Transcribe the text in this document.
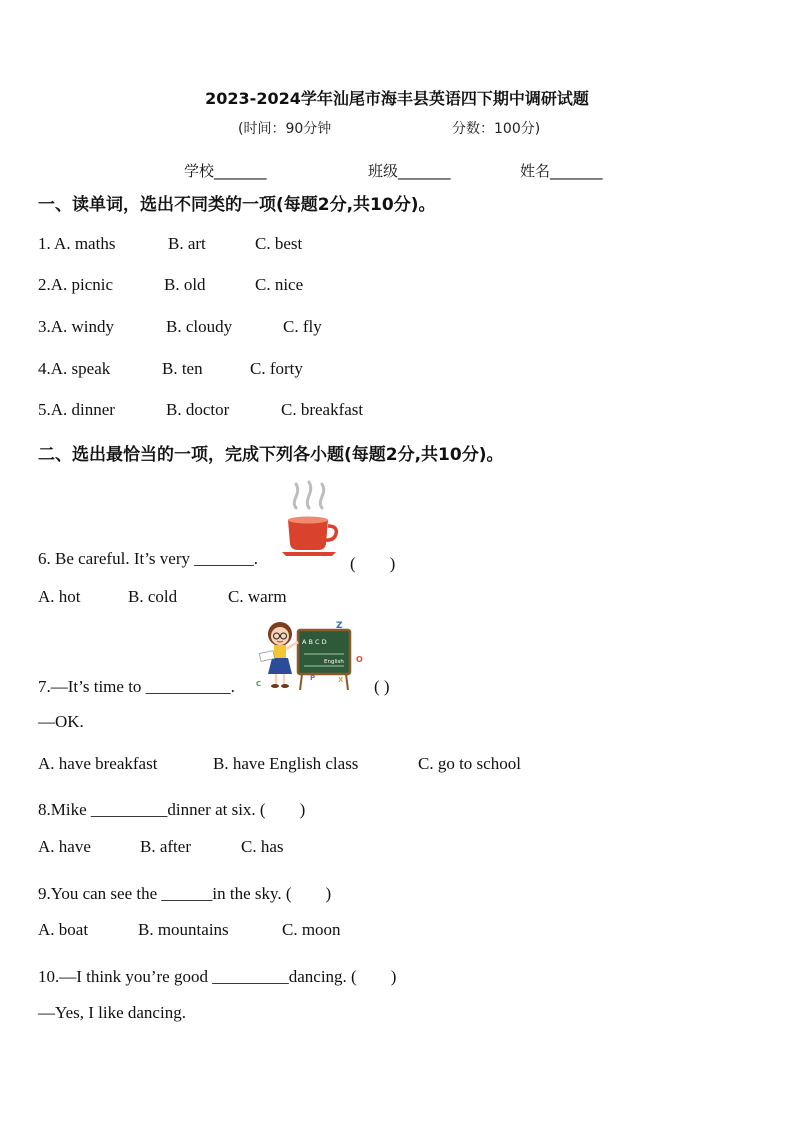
2023-2024学年汕尾市海丰县英语四下期中调研试题
(时间：90分钟	分数：100分)
学校_______	班级_______	姓名_______
一、读单词，选出不同类的一项(每题2分,共10分)。
1. A. maths	B. art	C. best
2.A. picnic	B. old	C. nice
3.A. windy	B. cloudy	C. fly
4.A. speak	B. ten	C. forty
5.A. dinner	B. doctor	C. breakfast
二、选出最恰当的一项，完成下列各小题(每题2分,共10分)。
6. Be careful. It’s very _______.	(　　)
A. hot	B. cold	C. warm
A B C D
English
Z
O
P	X
C
7.—It’s time to __________.	( )
—OK.
A. have breakfast	B. have English class	C. go to school
8.Mike _________dinner at six. (　　)
A. have	B. after	C. has
9.You can see the ______in the sky. (　　)
A. boat	B. mountains	C. moon
10.—I think you’re good _________dancing. (　　)
—Yes, I like dancing.
